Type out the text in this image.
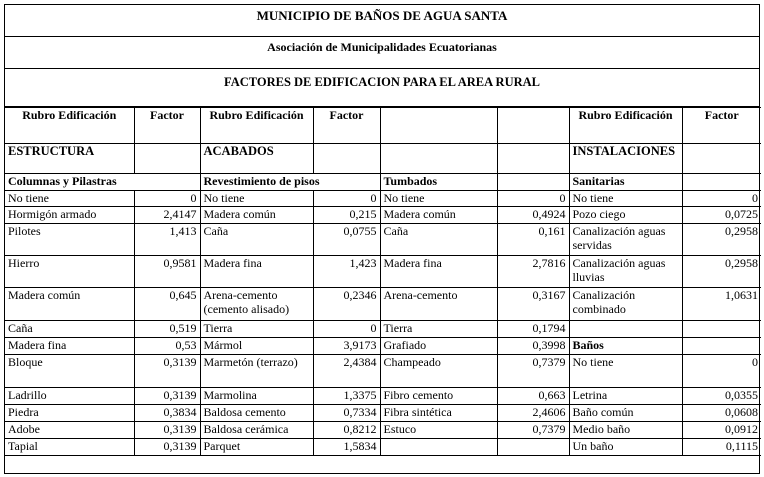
MUNICIPIO DE BAÑOS DE AGUA SANTA
Asociación de Municipalidades Ecuatorianas
FACTORES DE EDIFICACION PARA EL AREA RURAL
Rubro Edificación	Factor	Rubro Edificación	Factor			Rubro Edificación	Factor
ESTRUCTURA		ACABADOS				INSTALACIONES	
Columnas y Pilastras		Revestimiento de pisos		Tumbados		Sanitarias	
No tiene	0	No tiene	0	No tiene	0	No tiene	0
Hormigón armado	2,4147	Madera común	0,215	Madera común	0,4924	Pozo ciego	0,0725
Pilotes	1,413	Caña	0,0755	Caña	0,161	Canalización aguas servidas	0,2958
Hierro	0,9581	Madera fina	1,423	Madera fina	2,7816	Canalización aguas lluvias	0,2958
Madera común	0,645	Arena-cemento (cemento alisado)	0,2346	Arena-cemento	0,3167	Canalización combinado	1,0631
Caña	0,519	Tierra	0	Tierra	0,1794		
Madera fina	0,53	Mármol	3,9173	Grafiado	0,3998	Baños	
Bloque	0,3139	Marmetón (terrazo)	2,4384	Champeado	0,7379	No tiene	0
Ladrillo	0,3139	Marmolina	1,3375	Fibro cemento	0,663	Letrina	0,0355
Piedra	0,3834	Baldosa cemento	0,7334	Fibra sintética	2,4606	Baño común	0,0608
Adobe	0,3139	Baldosa cerámica	0,8212	Estuco	0,7379	Medio baño	0,0912
Tapial	0,3139	Parquet	1,5834			Un baño	0,1115
